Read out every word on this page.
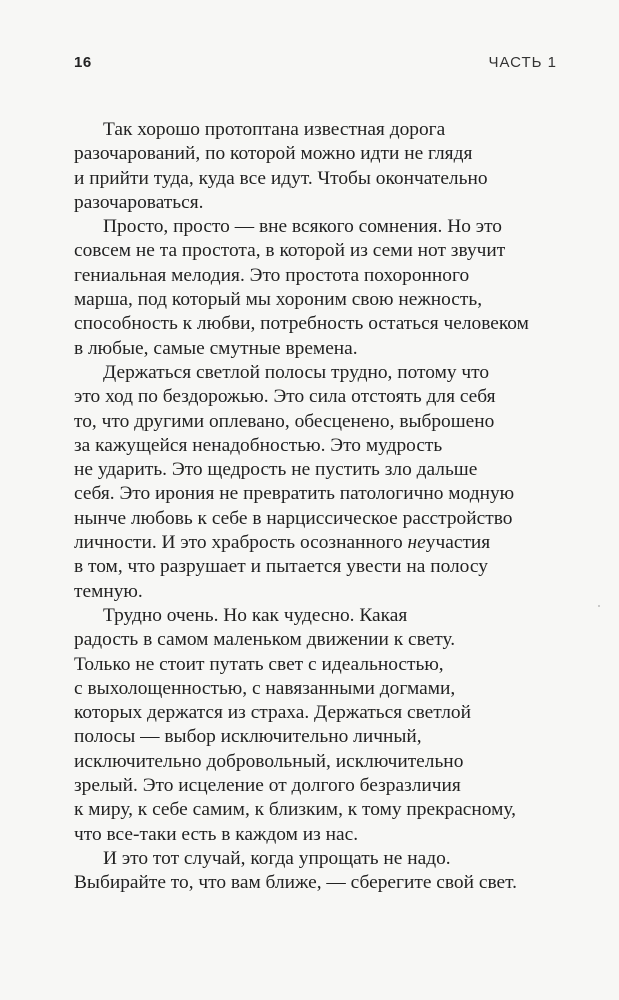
16	ЧАСТЬ 1

Так хорошо протоптана известная дорога
разочарований, по которой можно идти не глядя
и прийти туда, куда все идут. Чтобы окончательно
разочароваться.

Просто, просто — вне всякого сомнения. Но это
совсем не та простота, в которой из семи нот звучит
гениальная мелодия. Это простота похоронного
марша, под который мы хороним свою нежность,
способность к любви, потребность остаться человеком
в любые, самые смутные времена.

Держаться светлой полосы трудно, потому что
это ход по бездорожью. Это сила отстоять для себя
то, что другими оплевано, обесценено, выброшено
за кажущейся ненадобностью. Это мудрость
не ударить. Это щедрость не пустить зло дальше
себя. Это ирония не превратить патологично модную
нынче любовь к себе в нарциссическое расстройство
личности. И это храбрость осознанного неучастия
в том, что разрушает и пытается увести на полосу
темную.

Трудно очень. Но как чудесно. Какая
радость в самом маленьком движении к свету.
Только не стоит путать свет с идеальностью,
с выхолощенностью, с навязанными догмами,
которых держатся из страха. Держаться светлой
полосы — выбор исключительно личный,
исключительно добровольный, исключительно
зрелый. Это исцеление от долгого безразличия
к миру, к себе самим, к близким, к тому прекрасному,
что все-таки есть в каждом из нас.

И это тот случай, когда упрощать не надо.
Выбирайте то, что вам ближе, — сберегите свой свет.
